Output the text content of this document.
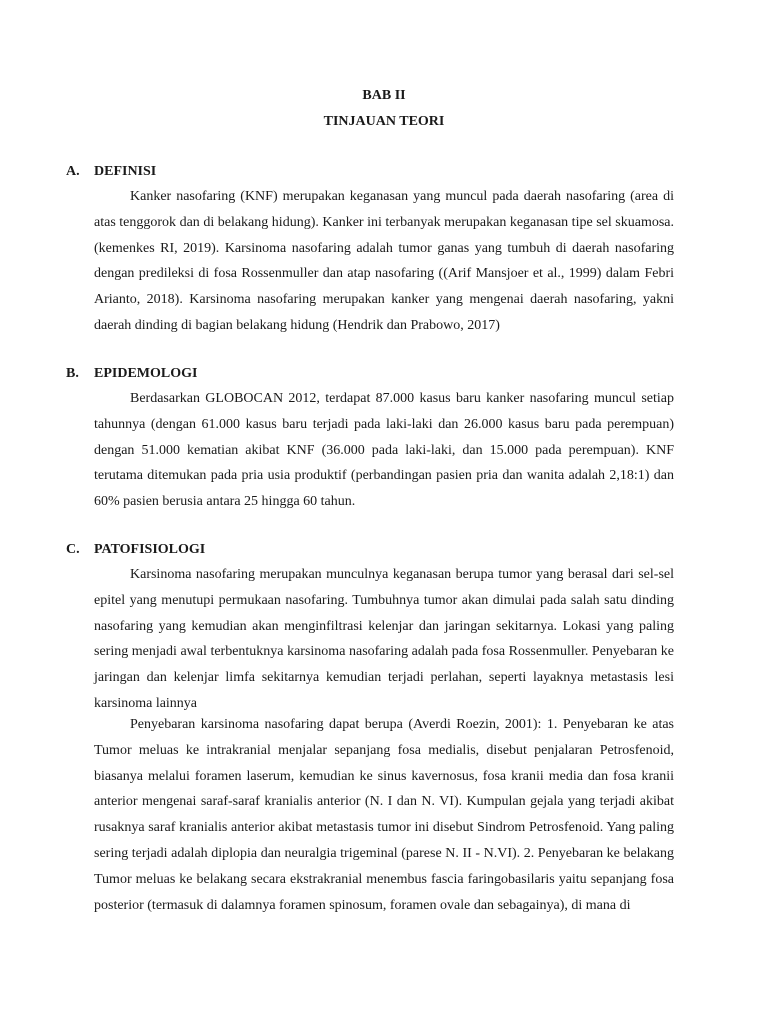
BAB II
TINJAUAN TEORI
A. DEFINISI

Kanker nasofaring (KNF) merupakan keganasan yang muncul pada daerah nasofaring (area di atas tenggorok dan di belakang hidung). Kanker ini terbanyak merupakan keganasan tipe sel skuamosa. (kemenkes RI, 2019). Karsinoma nasofaring adalah tumor ganas yang tumbuh di daerah nasofaring dengan predileksi di fosa Rossenmuller dan atap nasofaring ((Arif Mansjoer et al., 1999) dalam Febri Arianto, 2018). Karsinoma nasofaring merupakan kanker yang mengenai daerah nasofaring, yakni daerah dinding di bagian belakang hidung (Hendrik dan Prabowo, 2017)

B. EPIDEMOLOGI

Berdasarkan GLOBOCAN 2012, terdapat 87.000 kasus baru kanker nasofaring muncul setiap tahunnya (dengan 61.000 kasus baru terjadi pada laki-laki dan 26.000 kasus baru pada perempuan) dengan 51.000 kematian akibat KNF (36.000 pada laki-laki, dan 15.000 pada perempuan). KNF terutama ditemukan pada pria usia produktif (perbandingan pasien pria dan wanita adalah 2,18:1) dan 60% pasien berusia antara 25 hingga 60 tahun.

C. PATOFISIOLOGI

Karsinoma nasofaring merupakan munculnya keganasan berupa tumor yang berasal dari sel-sel epitel yang menutupi permukaan nasofaring. Tumbuhnya tumor akan dimulai pada salah satu dinding nasofaring yang kemudian akan menginfiltrasi kelenjar dan jaringan sekitarnya. Lokasi yang paling sering menjadi awal terbentuknya karsinoma nasofaring adalah pada fosa Rossenmuller. Penyebaran ke jaringan dan kelenjar limfa sekitarnya kemudian terjadi perlahan, seperti layaknya metastasis lesi karsinoma lainnya

Penyebaran karsinoma nasofaring dapat berupa (Averdi Roezin, 2001): 1. Penyebaran ke atas Tumor meluas ke intrakranial menjalar sepanjang fosa medialis, disebut penjalaran Petrosfenoid, biasanya melalui foramen laserum, kemudian ke sinus kavernosus, fosa kranii media dan fosa kranii anterior mengenai saraf-saraf kranialis anterior (N. I dan N. VI). Kumpulan gejala yang terjadi akibat rusaknya saraf kranialis anterior akibat metastasis tumor ini disebut Sindrom Petrosfenoid. Yang paling sering terjadi adalah diplopia dan neuralgia trigeminal (parese N. II - N.VI). 2. Penyebaran ke belakang Tumor meluas ke belakang secara ekstrakranial menembus fascia faringobasilaris yaitu sepanjang fosa posterior (termasuk di dalamnya foramen spinosum, foramen ovale dan sebagainya), di mana di
